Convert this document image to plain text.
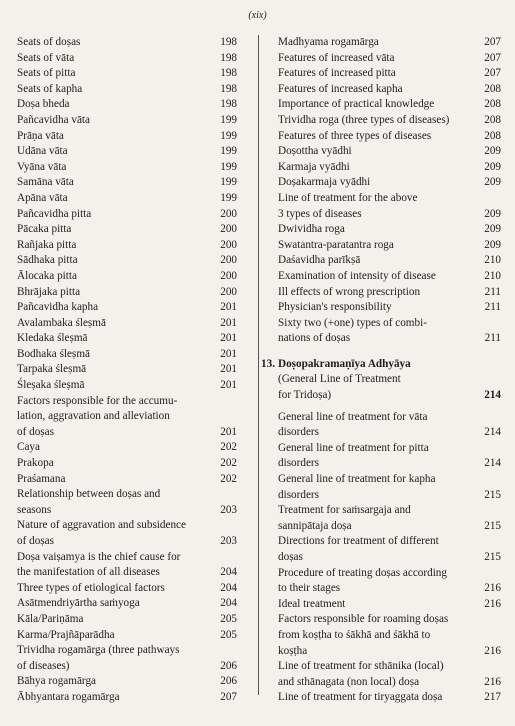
(xix)
Seats of doṣas	198
Seats of vāta	198
Seats of pitta	198
Seats of kapha	198
Doṣa bheda	198
Pañcavidha vāta	199
Prāṇa vāta	199
Udāna vāta	199
Vyāna vāta	199
Samāna vāta	199
Apāna vāta	199
Pañcavidha pitta	200
Pācaka pitta	200
Rañjaka pitta	200
Sādhaka pitta	200
Ālocaka pitta	200
Bhrājaka pitta	200
Pañcavidha kapha	201
Avalambaka śleṣmā	201
Kledaka śleṣmā	201
Bodhaka śleṣmā	201
Tarpaka śleṣmā	201
Śleṣaka śleṣmā	201
Factors responsible for the accumu-
lation, aggravation and alleviation
of doṣas	201
Caya	202
Prakopa	202
Praśamana	202
Relationship between doṣas and
seasons	203
Nature of aggravation and subsidence
of doṣas	203
Doṣa vaiṣamya is the chief cause for
the manifestation of all diseases	204
Three types of etiological factors	204
Asātmendriyārtha saṁyoga	204
Kāla/Pariṇāma	205
Karma/Prajñāparādha	205
Trividha rogamārga (three pathways
of diseases)	206
Bāhya rogamārga	206
Ābhyantara rogamārga	207
Madhyama rogamārga	207
Features of increased vāta	207
Features of increased pitta	207
Features of increased kapha	208
Importance of practical knowledge	208
Trividha roga (three types of diseases)	208
Features of three types of diseases	208
Doṣottha vyādhi	209
Karmaja vyādhi	209
Doṣakarmaja vyādhi	209
Line of treatment for the above
3 types of diseases	209
Dwividha roga	209
Swatantra-paratantra roga	209
Daśavidha parīkṣā	210
Examination of intensity of disease	210
Ill effects of wrong prescription	211
Physician's responsibility	211
Sixty two (+one) types of combi-
nations of doṣas	211
13. Doṣopakramaṇīya Adhyāya
(General Line of Treatment
for Tridoṣa)	214
General line of treatment for vāta
disorders	214
General line of treatment for pitta
disorders	214
General line of treatment for kapha
disorders	215
Treatment for saṁsargaja and
sannipātaja doṣa	215
Directions for treatment of different
doṣas	215
Procedure of treating doṣas according
to their stages	216
Ideal treatment	216
Factors responsible for roaming doṣas
from koṣṭha to śākhā and śākhā to
koṣṭha	216
Line of treatment for sthānika (local)
and sthānagata (non local) doṣa	216
Line of treatment for tiryaggata doṣa	217
